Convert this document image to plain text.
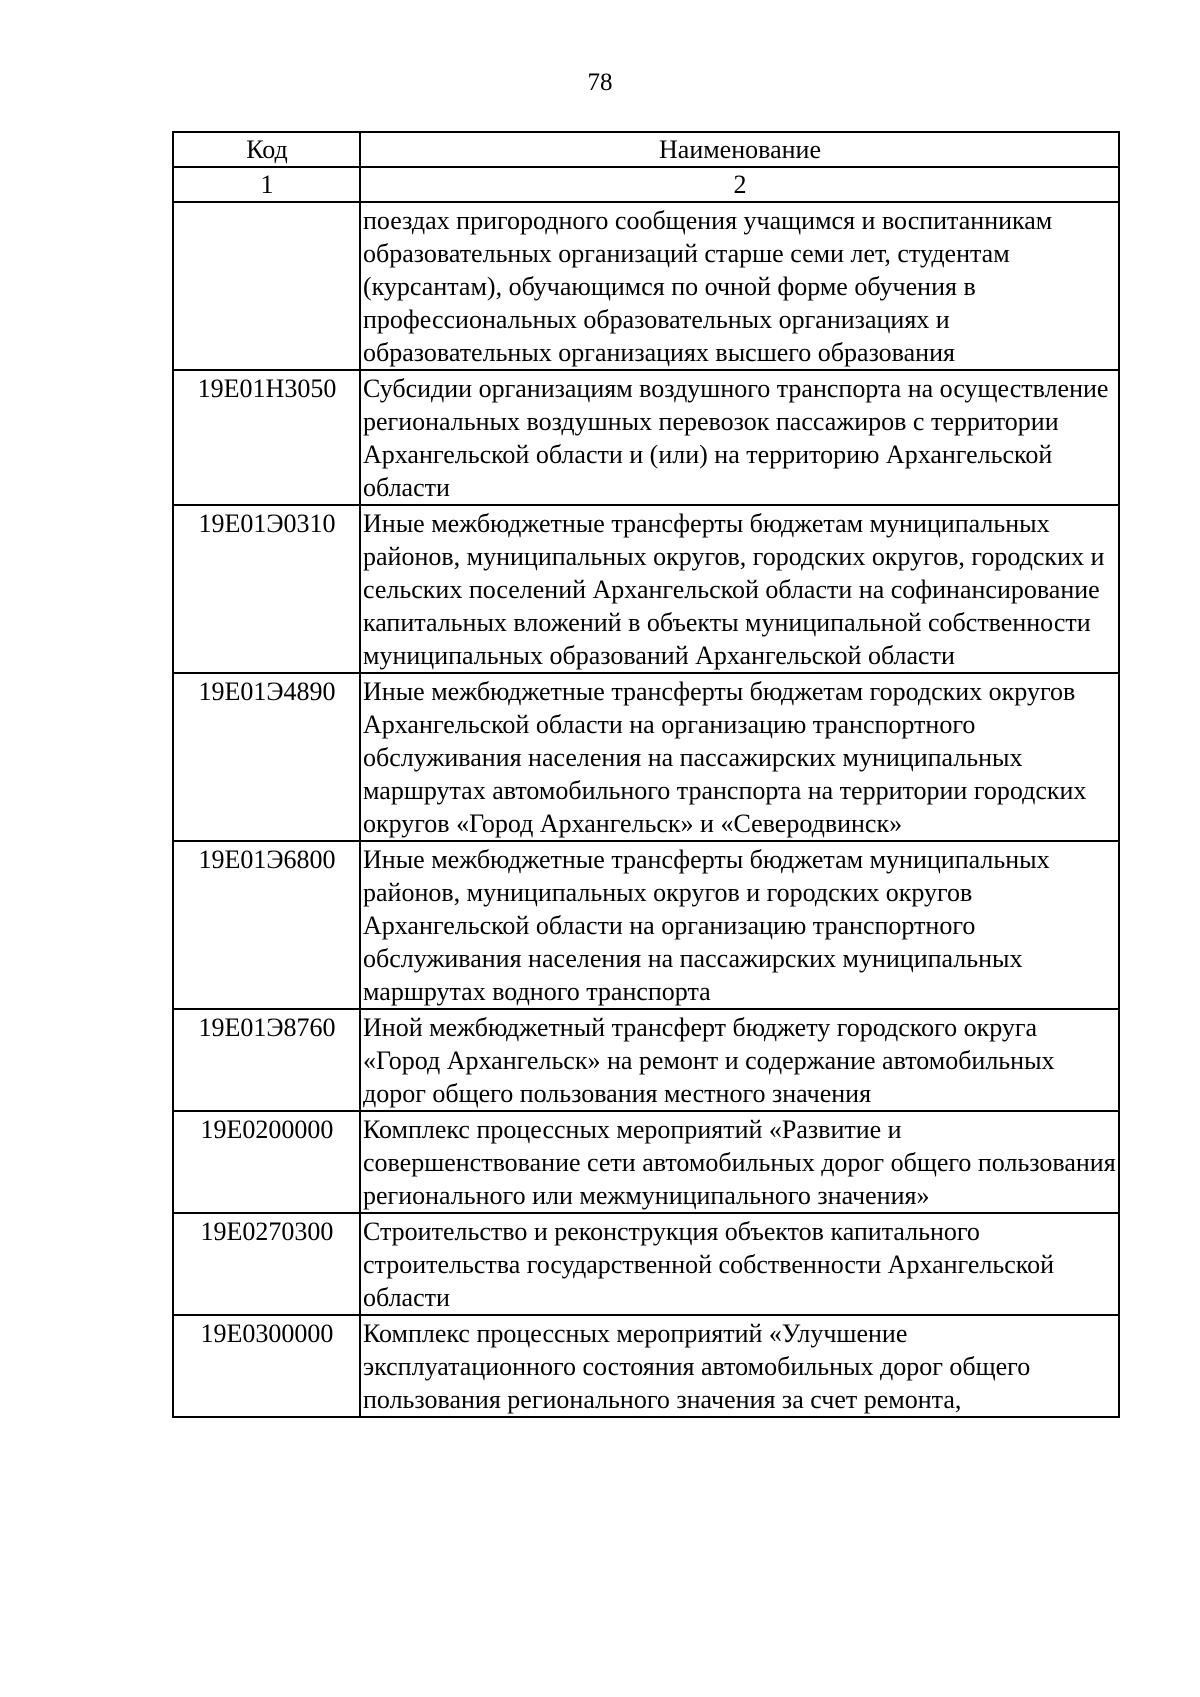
78
Код	Наименование
1	2
	поездах пригородного сообщения учащимся и воспитанникам образовательных организаций старше семи лет, студентам (курсантам), обучающимся по очной форме обучения в профессиональных образовательных организациях и образовательных организациях высшего образования
19Е01Н3050	Субсидии организациям воздушного транспорта на осуществление региональных воздушных перевозок пассажиров с территории Архангельской области и (или) на территорию Архангельской области
19Е01Э0310	Иные межбюджетные трансферты бюджетам муниципальных районов, муниципальных округов, городских округов, городских и сельских поселений Архангельской области на софинансирование капитальных вложений в объекты муниципальной собственности муниципальных образований Архангельской области
19Е01Э4890	Иные межбюджетные трансферты бюджетам городских округов Архангельской области на организацию транспортного обслуживания населения на пассажирских муниципальных маршрутах автомобильного транспорта на территории городских округов «Город Архангельск» и «Северодвинск»
19Е01Э6800	Иные межбюджетные трансферты бюджетам муниципальных районов, муниципальных округов и городских округов Архангельской области на организацию транспортного обслуживания населения на пассажирских муниципальных маршрутах водного транспорта
19Е01Э8760	Иной межбюджетный трансферт бюджету городского округа «Город Архангельск» на ремонт и содержание автомобильных дорог общего пользования местного значения
19Е0200000	Комплекс процессных мероприятий «Развитие и совершенствование сети автомобильных дорог общего пользования регионального или межмуниципального значения»
19Е0270300	Строительство и реконструкция объектов капитального строительства государственной собственности Архангельской области
19Е0300000	Комплекс процессных мероприятий «Улучшение эксплуатационного состояния автомобильных дорог общего пользования регионального значения за счет ремонта,
